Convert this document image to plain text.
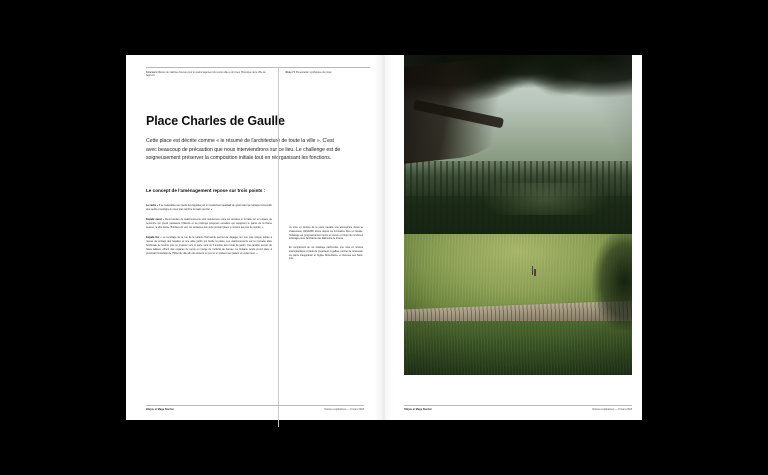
Concours Mission de maîtrise d'œuvre pour le réaménagement du centre-ville et du Cœur Historique de la Ville de Saint-Lô
Note n°1 Présentation synthétique du projet
Place Charles de Gaulle

Cette place est décrite comme « le résumé de l'architecture de toute la ville ». C'est avec beaucoup de précaution que nous interviendrons sur ce lieu. Le challenge est de soigneusement préserver la composition initiale tout en réorganisant les fonctions.

Le concept de l'aménagement repose sur trois points :

Le cadre « Il se matérialise aux pieds des façades par un revêtement qualitatif de granit clair qui rattrape l'ensemble des seuils et souligne le cœur plus sombre du tapis central. »

Façade ouest « Deux bandes de stationnements sont maintenues entre les arcades et la halle sur un espace de rencontre qui prend naissance l'ôdéons et se prolonge jusqu'aux escaliers qui rejoignent le parvis de la Dame Jeanne, la ville basse. Bordées du vert, les terrasses dos cette prenant place y compris les puis de monde. »

Façade Est « Le recollage de la rue de la Laiterie Normande permet de dégager sur une voie unique traitée à niveau du contact des façades et une allée jardin qui borde la place. Les stationnements sur la nouvelle allée bordonale de fenêtre puis se proposé vers le porte nord où il ancêtre des ronde de jardin. Ces jardins, ancrés de haies taillées, offrent des espaces de repos en marge de l'activité de bureau. La fontaine rendu prend place à proximité immédiate de l'Hôtel de ville afin de soutenir un peu et un visiteur aux paliers et invités tous. »

La mise en lumière de la place travaille une atmosphère douce et chaleureuse. DEVENIR intime depuis les luminaires fixés en façade, l'éclairage est progressivement remis en œuvre et l'objet de nombreux éclairages avec l'architecte des bâtiments de France.

En complément de cet éclairage patrimonial, une mise en lumière scénographique à l'aide de projecteurs à galbes, permet de renouveler les parvis inauguration et l'église Notre-Dame, si intéresse aux Saint-Lois.

Obijou et Mage Nordon	Notices explicatives — 8 mars 2018	Obijou et Mage Nordon	Notices explicatives — 8 mars 2018
